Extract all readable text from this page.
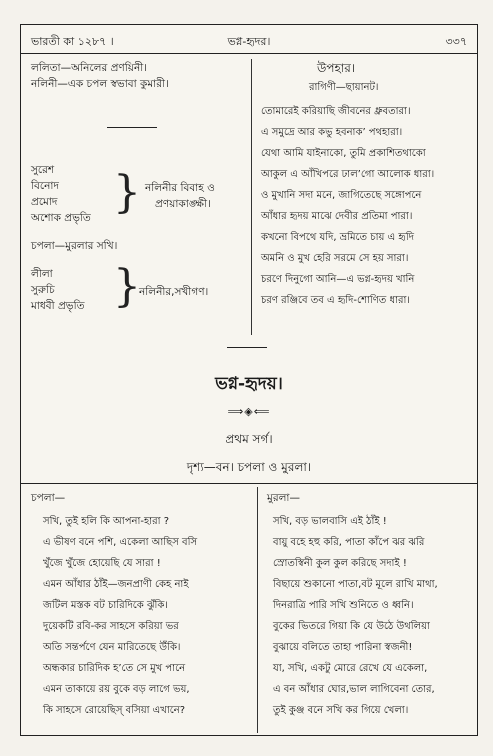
ভারতী কা ১২৮৭ ।	ভগ্ন-হৃদর।	৩৩৭
ললিতা—অনিলের প্রণয়িনী।
নলিনী—এক চপল স্বভাবা কুমারী।
সুরেশ
বিনোদ
প্রমোদ
অশোক প্রভৃতি } নলিনীর বিবাহ ও
প্রণয়াকাঙ্ক্ষী।
চপলা—মুরলার সখি।
লীলা
সুরুচি
মাধবী প্রভৃতি }
নলিনীর,সখীগণ।
উপহার।
রাগিণী—ছায়ানট।
তোমারেই করিয়াছি জীবনের ধ্রুবতারা।
এ সমুদ্রে আর কভু হবনাক’ পথহারা।
যেথা আমি যাইনাকো, তুমি প্রকাশিতথাকো
আকুল এ আঁখিপরে ঢাল’গো আলোক ধারা।
ও মুখানি সদা মনে, জাগিতেছে সঙ্গোপনে
আঁধার হৃদয় মাঝে দেবীর প্রতিমা পারা।
কখনো বিপথে যদি, ভ্রমিতে চায় এ হৃদি
অমনি ও মুখ হেরি সরমে সে হয় সারা।
চরণে দিনুগো আনি—এ ভগ্ন-হৃদয় খানি
চরণ রঞ্জিবে তব এ হৃদি-শোণিত ধারা।
ভগ্ন-হৃদয়।
⟹◈⟸
প্রথম সর্গ।
দৃশ্য—বন। চপলা ও মুরলা।
চপলা—
সখি, তুই হলি কি আপনা-হারা ?
এ ভীষণ বনে পশি, একেলা আছিস বসি
খুঁজে খুঁজে হোয়েছি যে সারা !
এমন আঁধার ঠাঁই—জনপ্রাণী কেহ নাই
জটিল মস্তক বট চারিদিকে ঝুঁকি।
দুয়েকটি রবি-কর সাহসে করিয়া ভর
অতি সন্তর্পণে যেন মারিতেছে উঁকি।
অন্ধকার চারিদিক হ’তে সে মুখ পানে
এমন তাকায়ে রয় বুকে বড় লাগে ভয়,
কি সাহসে রোয়েছিস্ বসিয়া এখানে?
মুরলা—
সখি, বড় ভালবাসি এই ঠাঁই !
বায়ু বহে হহু করি, পাতা কাঁপে ঝর ঝরি
স্রোতস্বিনী কুল কুল করিছে সদাই !
বিছায়ে শুকানো পাতা,বট মূলে রাখি মাথা,
দিনরাত্রি পারি সখি শুনিতে ও ধ্বনি।
বুকের ভিতরে গিয়া কি যে উঠে উথলিয়া
বুঝায়ে বলিতে তাহা পারিনা স্বজনী!
যা, সখি, একটু মোরে রেখে যে একেলা,
এ বন আঁধার ঘোর,ভাল লাগিবেনা তোর,
তুই কুঞ্জ বনে সখি কর গিয়ে খেলা।
